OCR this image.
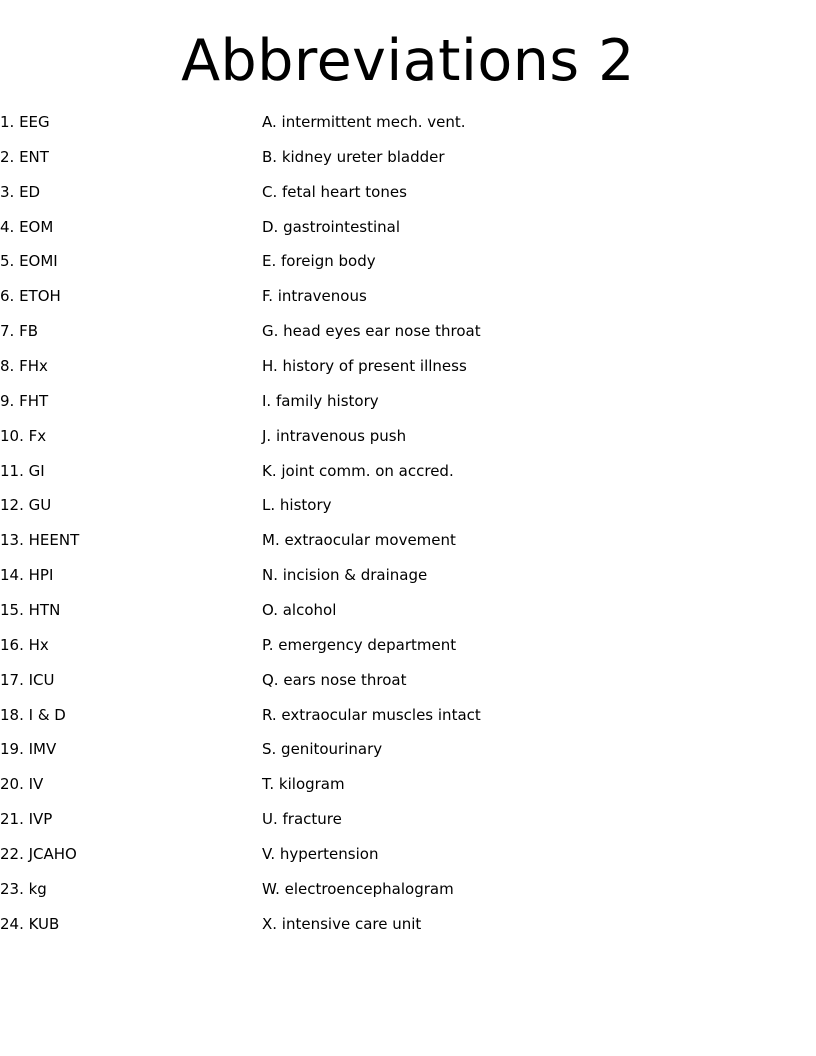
Abbreviations 2
1. EEG	A. intermittent mech. vent.
2. ENT	B. kidney ureter bladder
3. ED	C. fetal heart tones
4. EOM	D. gastrointestinal
5. EOMI	E. foreign body
6. ETOH	F. intravenous
7. FB	G. head eyes ear nose throat
8. FHx	H. history of present illness
9. FHT	I. family history
10. Fx	J. intravenous push
11. GI	K. joint comm. on accred.
12. GU	L. history
13. HEENT	M. extraocular movement
14. HPI	N. incision & drainage
15. HTN	O. alcohol
16. Hx	P. emergency department
17. ICU	Q. ears nose throat
18. I & D	R. extraocular muscles intact
19. IMV	S. genitourinary
20. IV	T. kilogram
21. IVP	U. fracture
22. JCAHO	V. hypertension
23. kg	W. electroencephalogram
24. KUB	X. intensive care unit
